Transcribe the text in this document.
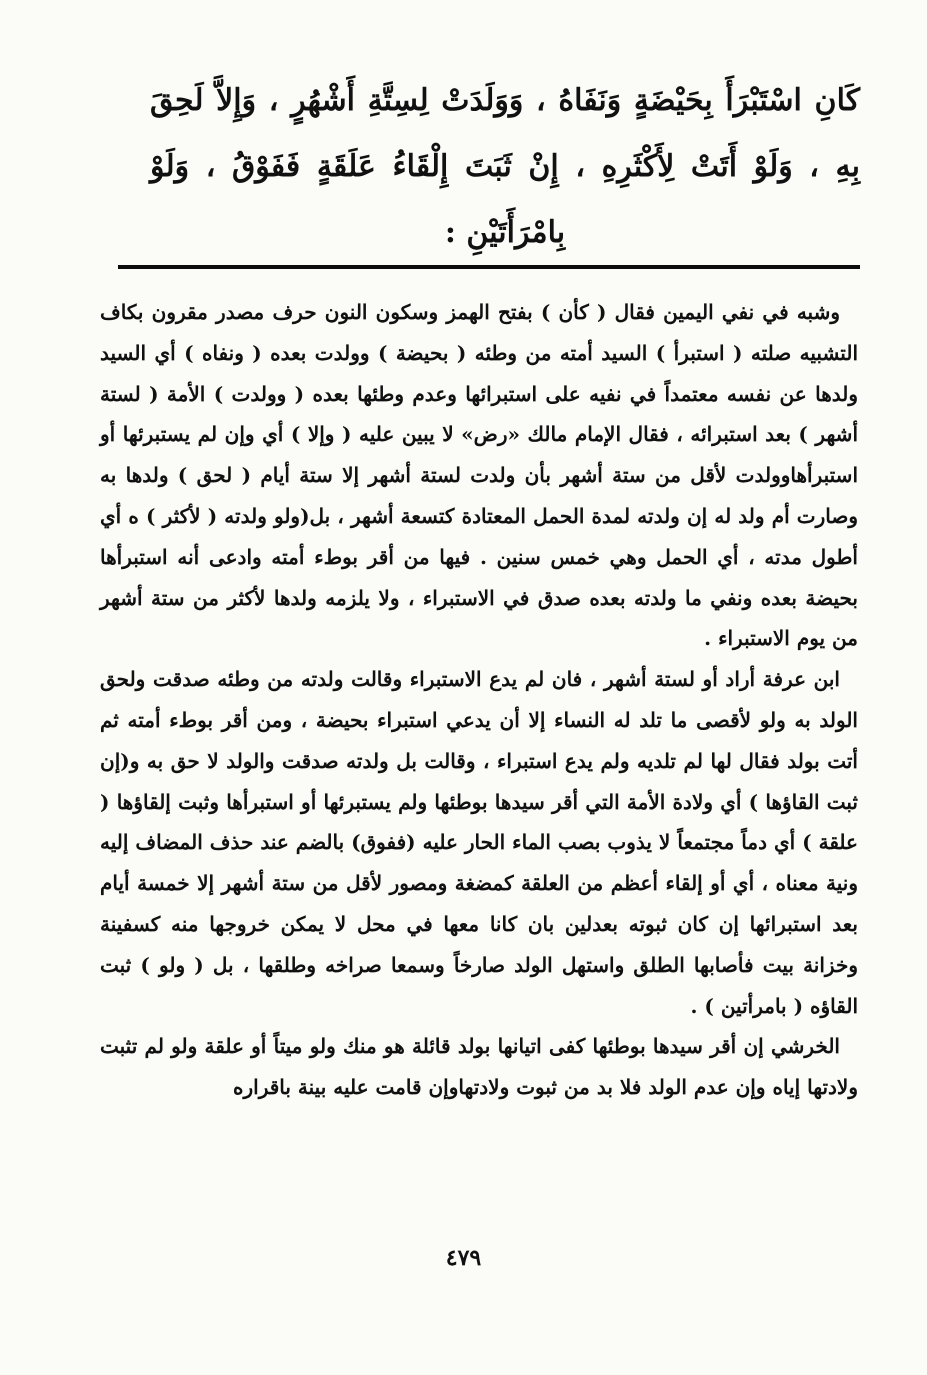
كَانِ اسْتَبْرَأَ بِحَيْضَةٍ وَنَفَاهُ ، وَوَلَدَتْ لِسِتَّةِ أَشْهُرٍ ، وَإِلاَّ لَحِقَ بِهِ ، وَلَوْ أَتَتْ لِأَكْثَرِهِ ، إِنْ ثَبَتَ إِلْقَاءُ عَلَقَةٍ فَفَوْقُ ، وَلَوْ بِامْرَأَتَيْنِ :

وشبه في نفي اليمين فقال ( كأن ) بفتح الهمز وسكون النون حرف مصدر مقرون بكاف التشبيه صلته ( استبرأ ) السيد أمته من وطئه ( بحيضة ) وولدت بعده ( ونفاه ) أي السيد ولدها عن نفسه معتمداً في نفيه على استبرائها وعدم وطئها بعده ( وولدت ) الأمة ( لستة أشهر ) بعد استبرائه ، فقال الإمام مالك «رض» لا يبين عليه ( وإلا ) أي وإن لم يستبرئها أو استبرأهاوولدت لأقل من ستة أشهر بأن ولدت لستة أشهر إلا ستة أيام ( لحق ) ولدها به وصارت أم ولد له إن ولدته لمدة الحمل المعتادة كتسعة أشهر ، بل(ولو ولدته ( لأكثر ) ه أي أطول مدته ، أي الحمل وهي خمس سنين . فيها من أقر بوطء أمته وادعى أنه استبرأها بحيضة بعده ونفي ما ولدته بعده صدق في الاستبراء ، ولا يلزمه ولدها لأكثر من ستة أشهر من يوم الاستبراء .

ابن عرفة أراد أو لستة أشهر ، فان لم يدع الاستبراء وقالت ولدته من وطئه صدقت ولحق الولد به ولو لأقصى ما تلد له النساء إلا أن يدعي استبراء بحيضة ، ومن أقر بوطء أمته ثم أتت بولد فقال لها لم تلديه ولم يدع استبراء ، وقالت بل ولدته صدقت والولد لا حق به و(إن ثبت القاؤها ) أي ولادة الأمة التي أقر سيدها بوطئها ولم يستبرئها أو استبرأها وثبت إلقاؤها ( علقة ) أي دماً مجتمعاً لا يذوب بصب الماء الحار عليه (ففوق) بالضم عند حذف المضاف إليه ونية معناه ، أي أو إلقاء أعظم من العلقة كمضغة ومصور لأقل من ستة أشهر إلا خمسة أيام بعد استبرائها إن كان ثبوته بعدلين بان كانا معها في محل لا يمكن خروجها منه كسفينة وخزانة بيت فأصابها الطلق واستهل الولد صارخاً وسمعا صراخه وطلقها ، بل ( ولو ) ثبت القاؤه ( بامرأتين ) .

الخرشي إن أقر سيدها بوطئها كفى اتيانها بولد قائلة هو منك ولو ميتاً أو علقة ولو لم تثبت ولادتها إياه وإن عدم الولد فلا بد من ثبوت ولادتهاوإن قامت عليه بينة باقراره

٤٧٩
